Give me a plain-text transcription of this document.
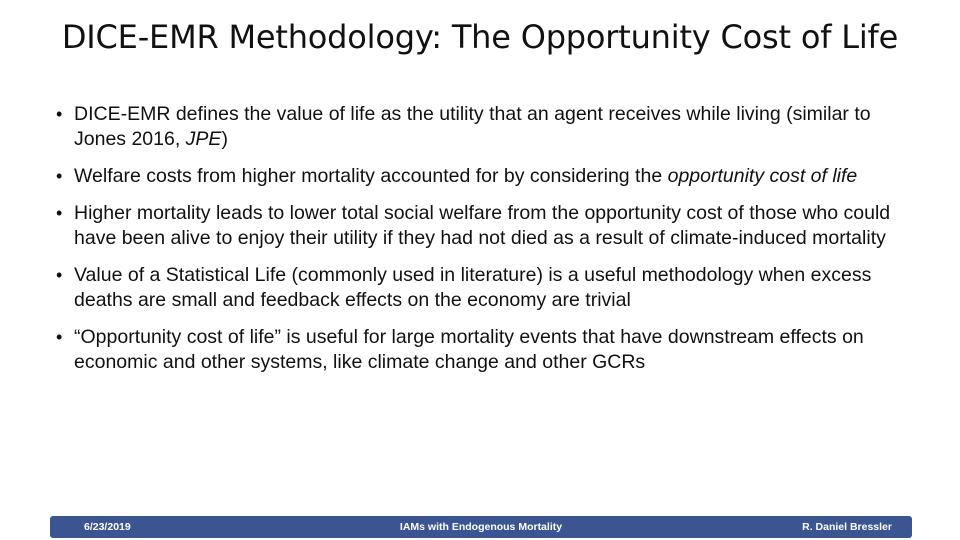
DICE-EMR Methodology: The Opportunity Cost of Life
• DICE-EMR defines the value of life as the utility that an agent receives while living (similar to Jones 2016, JPE)
• Welfare costs from higher mortality accounted for by considering the opportunity cost of life
• Higher mortality leads to lower total social welfare from the opportunity cost of those who could have been alive to enjoy their utility if they had not died as a result of climate-induced mortality
• Value of a Statistical Life (commonly used in literature) is a useful methodology when excess deaths are small and feedback effects on the economy are trivial
• “Opportunity cost of life” is useful for large mortality events that have downstream effects on economic and other systems, like climate change and other GCRs
6/23/2019	IAMs with Endogenous Mortality	R. Daniel Bressler
